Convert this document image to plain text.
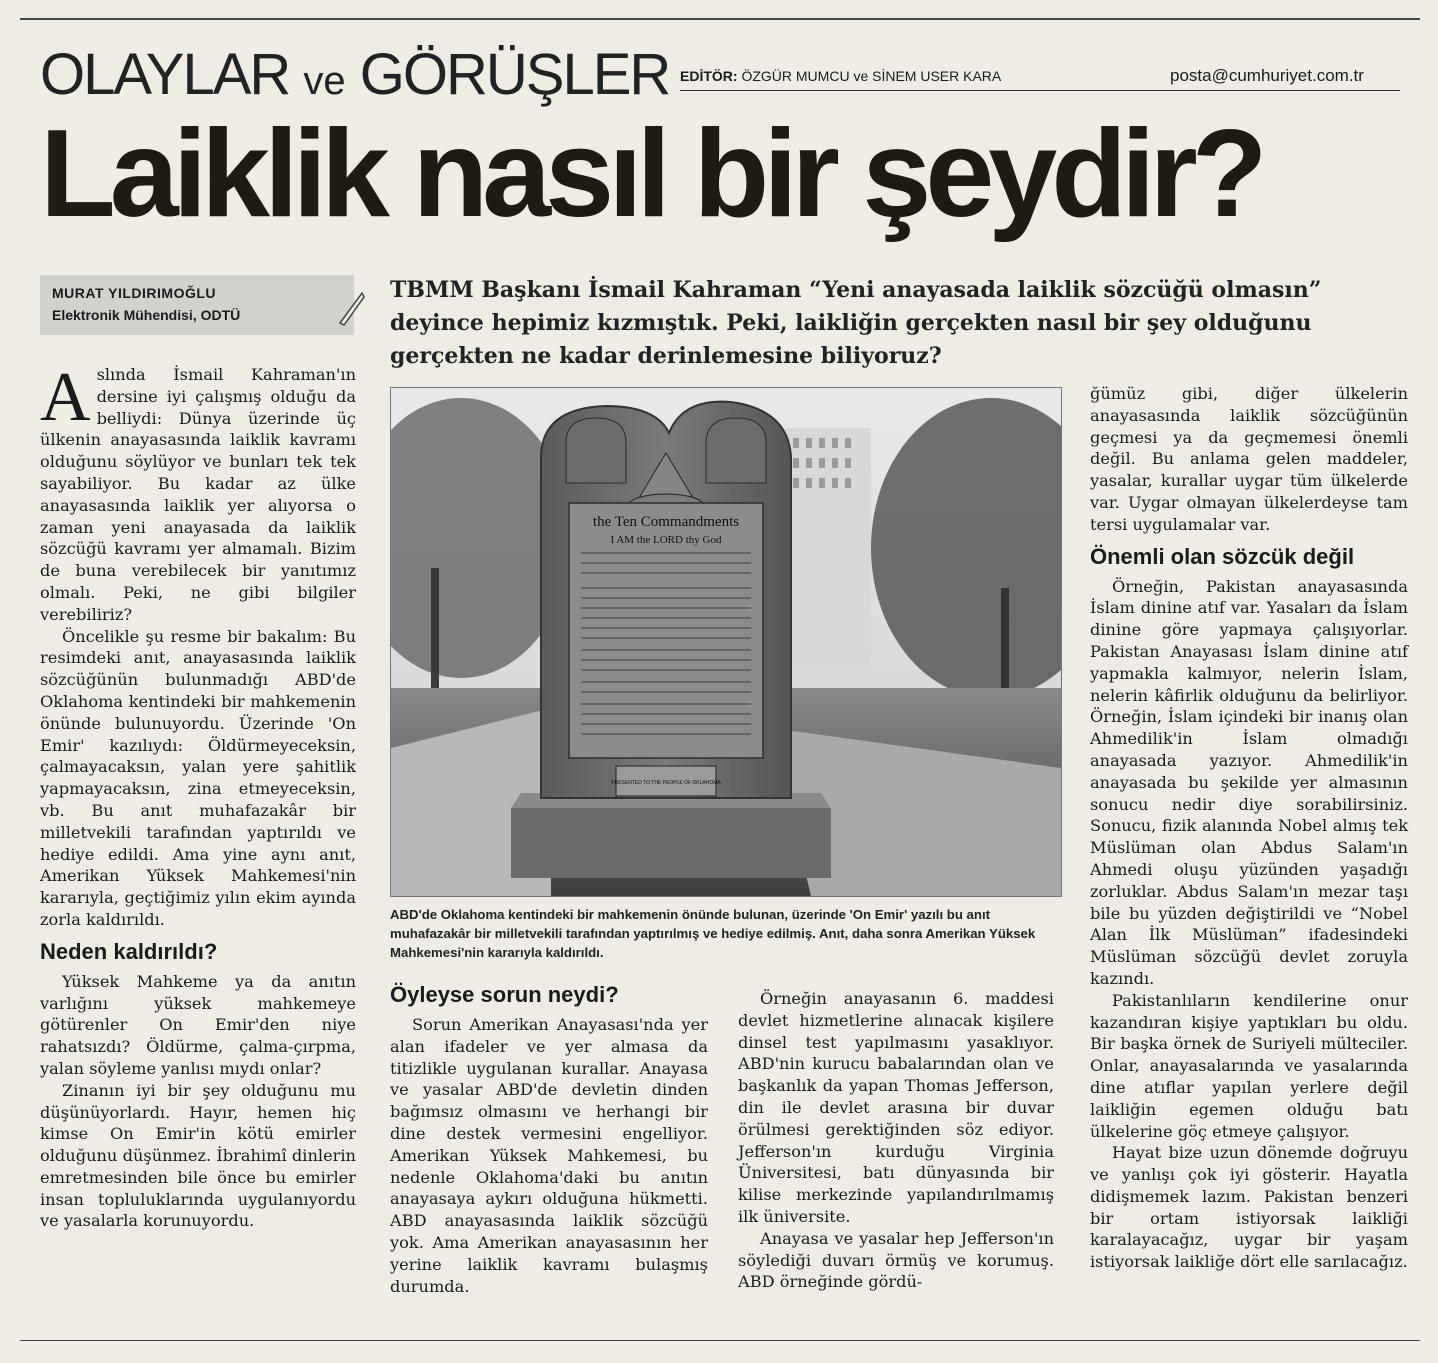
OLAYLAR ve GÖRÜŞLER EDİTÖR: ÖZGÜR MUMCU ve SİNEM USER KARA	posta@cumhuriyet.com.tr
Laiklik nasıl bir şeydir?
MURAT YILDIRIMOĞLU
Elektronik Mühendisi, ODTÜ
TBMM Başkanı İsmail Kahraman “Yeni anayasada laiklik sözcüğü olmasın” deyince hepimiz kızmıştık. Peki, laikliğin gerçekten nasıl bir şey olduğunu gerçekten ne kadar derinlemesine biliyoruz?

Aslında İsmail Kahraman'ın dersine iyi çalışmış olduğu da belliydi: Dünya üzerinde üç ülkenin anayasasında laiklik kavramı olduğunu söylüyor ve bunları tek tek sayabiliyor. Bu kadar az ülke anayasasında laiklik yer alıyorsa o zaman yeni anayasada da laiklik sözcüğü kavramı yer almamalı. Bizim de buna verebilecek bir yanıtımız olmalı. Peki, ne gibi bilgiler verebiliriz?

Öncelikle şu resme bir bakalım: Bu resimdeki anıt, anayasasında laiklik sözcüğünün bulunmadığı ABD'de Oklahoma kentindeki bir mahkemenin önünde bulunuyordu. Üzerinde 'On Emir' kazılıydı: Öldürmeyeceksin, çalmayacaksın, yalan yere şahitlik yapmayacaksın, zina etmeyeceksin, vb. Bu anıt muhafazakâr bir milletvekili tarafından yaptırıldı ve hediye edildi. Ama yine aynı anıt, Amerikan Yüksek Mahkemesi'nin kararıyla, geçtiğimiz yılın ekim ayında zorla kaldırıldı.

Neden kaldırıldı?

Yüksek Mahkeme ya da anıtın varlığını yüksek mahkemeye götürenler On Emir'den niye rahatsızdı? Öldürme, çalma-çırpma, yalan söyleme yanlısı mıydı onlar?

Zinanın iyi bir şey olduğunu mu düşünüyorlardı. Hayır, hemen hiç kimse On Emir'in kötü emirler olduğunu düşünmez. İbrahimî dinlerin emretmesinden bile önce bu emirler insan topluluklarında uygulanıyordu ve yasalarla korunuyordu.

the Ten Commandments
I AM the LORD thy God
PRESENTED TO THE PEOPLE OF OKLAHOMA
ABD'de Oklahoma kentindeki bir mahkemenin önünde bulunan, üzerinde 'On Emir' yazılı bu anıt muhafazakâr bir milletvekili tarafından yaptırılmış ve hediye edilmiş. Anıt, daha sonra Amerikan Yüksek Mahkemesi'nin kararıyla kaldırıldı.
Öyleyse sorun neydi?

Sorun Amerikan Anayasası'nda yer alan ifadeler ve yer almasa da titizlikle uygulanan kurallar. Anayasa ve yasalar ABD'de devletin dinden bağımsız olmasını ve herhangi bir dine destek vermesini engelliyor. Amerikan Yüksek Mahkemesi, bu nedenle Oklahoma'daki bu anıtın anayasaya aykırı olduğuna hükmetti. ABD anayasasında laiklik sözcüğü yok. Ama Amerikan anayasasının her yerine laiklik kavramı bulaşmış durumda.

Örneğin anayasanın 6. maddesi devlet hizmetlerine alınacak kişilere dinsel test yapılmasını yasaklıyor. ABD'nin kurucu babalarından olan ve başkanlık da yapan Thomas Jefferson, din ile devlet arasına bir duvar örülmesi gerektiğinden söz ediyor. Jefferson'ın kurduğu Virginia Üniversitesi, batı dünyasında bir kilise merkezinde yapılandırılmamış ilk üniversite.

Anayasa ve yasalar hep Jefferson'ın söylediği duvarı örmüş ve korumuş. ABD örneğinde gördü-

ğümüz gibi, diğer ülkelerin anayasasında laiklik sözcüğünün geçmesi ya da geçmemesi önemli değil. Bu anlama gelen maddeler, yasalar, kurallar uygar tüm ülkelerde var. Uygar olmayan ülkelerdeyse tam tersi uygulamalar var.

Önemli olan sözcük değil

Örneğin, Pakistan anayasasında İslam dinine atıf var. Yasaları da İslam dinine göre yapmaya çalışıyorlar. Pakistan Anayasası İslam dinine atıf yapmakla kalmıyor, nelerin İslam, nelerin kâfirlik olduğunu da belirliyor. Örneğin, İslam içindeki bir inanış olan Ahmedilik'in İslam olmadığı anayasada yazıyor. Ahmedilik'in anayasada bu şekilde yer almasının sonucu nedir diye sorabilirsiniz. Sonucu, fizik alanında Nobel almış tek Müslüman olan Abdus Salam'ın Ahmedi oluşu yüzünden yaşadığı zorluklar. Abdus Salam'ın mezar taşı bile bu yüzden değiştirildi ve “Nobel Alan İlk Müslüman” ifadesindeki Müslüman sözcüğü devlet zoruyla kazındı.

Pakistanlıların kendilerine onur kazandıran kişiye yaptıkları bu oldu. Bir başka örnek de Suriyeli mülteciler. Onlar, anayasalarında ve yasalarında dine atıflar yapılan yerlere değil laikliğin egemen olduğu batı ülkelerine göç etmeye çalışıyor.

Hayat bize uzun dönemde doğruyu ve yanlışı çok iyi gösterir. Hayatla didişmemek lazım. Pakistan benzeri bir ortam istiyorsak laikliği karalayacağız, uygar bir yaşam istiyorsak laikliğe dört elle sarılacağız.
